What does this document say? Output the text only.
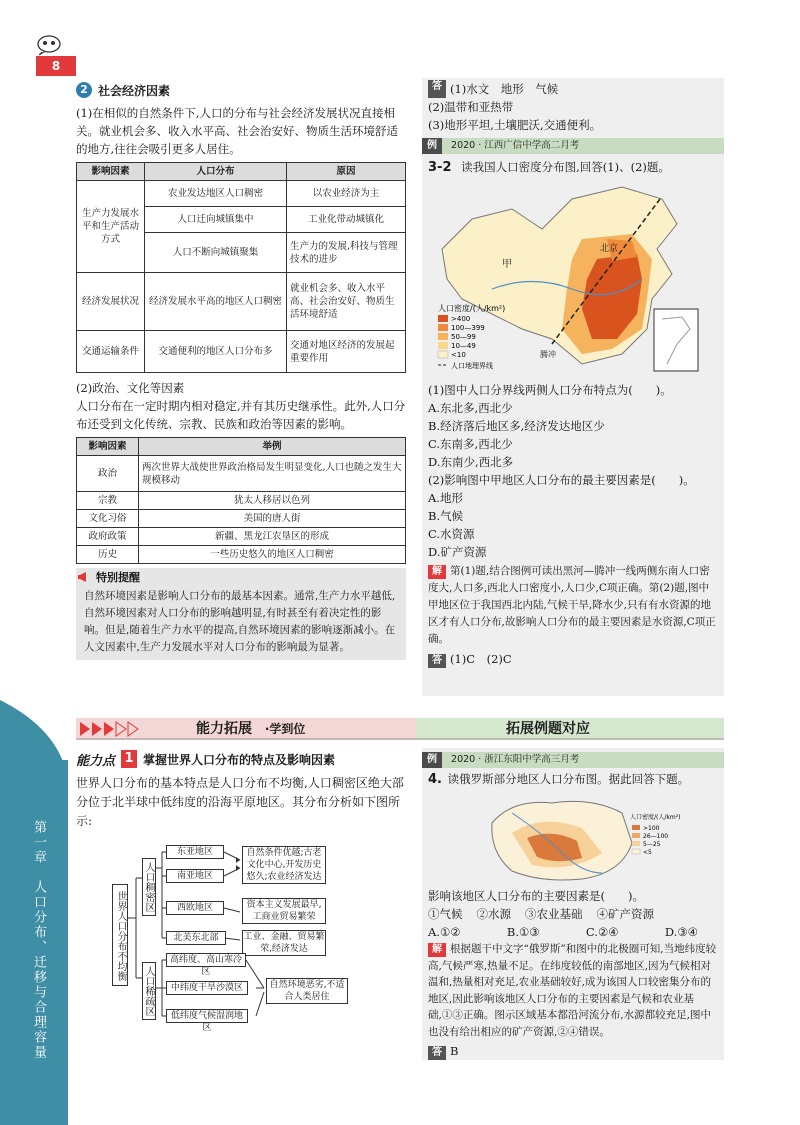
8
第一章　人口分布、迁移与合理容量
2 社会经济因素
(1)在相似的自然条件下,人口的分布与社会经济发展状况直接相关。就业机会多、收入水平高、社会治安好、物质生活环境舒适的地方,往往会吸引更多人居住。
影响因素	人口分布	原因
生产力发展水平和生产活动方式	农业发达地区人口稠密	以农业经济为主
	人口迁向城镇集中	工业化带动城镇化
	人口不断向城镇聚集	生产力的发展,科技与管理技术的进步
经济发展状况	经济发展水平高的地区人口稠密	就业机会多、收入水平高、社会治安好、物质生活环境舒适
交通运输条件	交通便利的地区人口分布多	交通对地区经济的发展起重要作用
(2)政治、文化等因素
人口分布在一定时期内相对稳定,并有其历史继承性。此外,人口分布还受到文化传统、宗教、民族和政治等因素的影响。
影响因素	举例
政治	两次世界大战使世界政治格局发生明显变化,人口也随之发生大规模移动
宗教	犹太人移居以色列
文化习俗	美国的唐人街
政府政策	新疆、黑龙江农垦区的形成
历史	一些历史悠久的地区人口稠密
特别提醒
自然环境因素是影响人口分布的最基本因素。通常,生产力水平越低,自然环境因素对人口分布的影响越明显,有时甚至有着决定性的影响。但是,随着生产力水平的提高,自然环境因素的影响逐渐减小。在人文因素中,生产力发展水平对人口分布的影响最为显著。
答 (1)水文　地形　气候
(2)温带和亚热带
(3)地形平坦,土壤肥沃,交通便利。
例 2020 · 江西广信中学高二月考
3-2 读我国人口密度分布图,回答(1)、(2)题。
甲
北京
腾冲
人口密度/(人/km²)
>400
100—399
50—99
10—49
<10
人口地理界线
(1)图中人口分界线两侧人口分布特点为(　　)。
A.东北多,西北少
B.经济落后地区多,经济发达地区少
C.东南多,西北少
D.东南少,西北多
(2)影响图中甲地区人口分布的最主要因素是(　　)。
A.地形
B.气候
C.水资源
D.矿产资源
解 第(1)题,结合图例可读出黑河—腾冲一线两侧东南人口密度大,人口多,西北人口密度小,人口少,C项正确。第(2)题,图中甲地区位于我国西北内陆,气候干旱,降水少,只有有水资源的地区才有人口分布,故影响人口分布的最主要因素是水资源,C项正确。
答 (1)C　(2)C
能力拓展 ·学到位	拓展例题对应
能力点 1 掌握世界人口分布的特点及影响因素
世界人口分布的基本特点是人口分布不均衡,人口稠密区绝大部分位于北半球中低纬度的沿海平原地区。其分布分析如下图所示:
世界人口分布不均衡
人口稠密区
东亚地区
南亚地区
西欧地区
北美东北部
自然条件优越;古老文化中心,开发历史悠久;农业经济发达
资本主义发展最早,工商业贸易繁荣
工业、金融、贸易繁荣,经济发达
人口稀疏区
高纬度、高山寒冷区
中纬度干旱沙漠区
低纬度气候湿润地区
自然环境恶劣,不适合人类居住
例 2020 · 浙江东阳中学高三月考
4. 读俄罗斯部分地区人口分布图。据此回答下题。
人口密度/(人/km²)
>100
26—100
5—25
<5
影响该地区人口分布的主要因素是(　　)。
①气候 ②水源 ③农业基础 ④矿产资源
A.①②	B.①③	C.②④	D.③④
解 根据题干中文字“俄罗斯”和图中的北极圈可知,当地纬度较高,气候严寒,热量不足。在纬度较低的南部地区,因为气候相对温和,热量相对充足,农业基础较好,成为该国人口较密集分布的地区,因此影响该地区人口分布的主要因素是气候和农业基础,①③正确。图示区域基本都沿河流分布,水源都较充足,图中也没有给出相应的矿产资源,②④错误。
答 B
